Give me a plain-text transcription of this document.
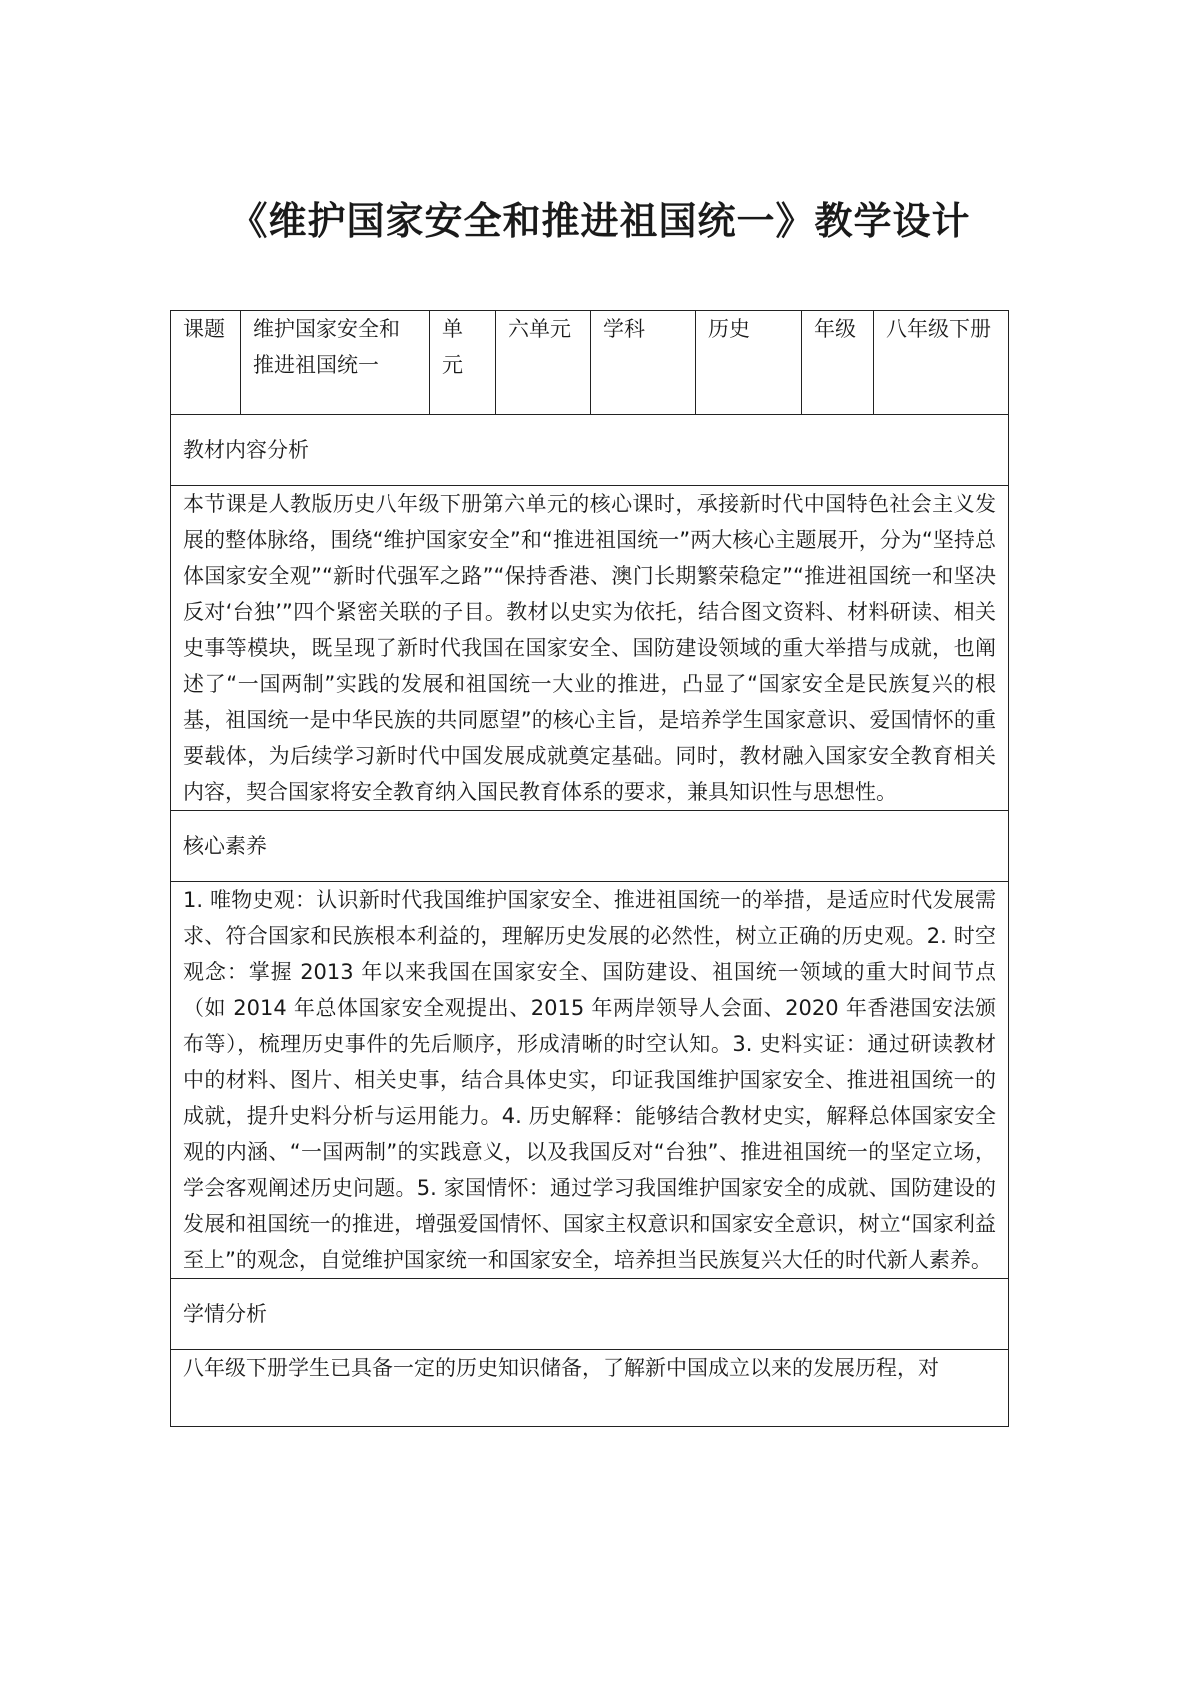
《维护国家安全和推进祖国统一》教学设计
课题	维护国家安全和推进祖国统一	单元	六单元	学科	历史	年级	八年级下册
教材内容分析
本节课是人教版历史八年级下册第六单元的核心课时，承接新时代中国特色社会主义发展的整体脉络，围绕“维护国家安全”和“推进祖国统一”两大核心主题展开，分为“坚持总体国家安全观”“新时代强军之路”“保持香港、澳门长期繁荣稳定”“推进祖国统一和坚决反对‘台独’”四个紧密关联的子目。教材以史实为依托，结合图文资料、材料研读、相关史事等模块，既呈现了新时代我国在国家安全、国防建设领域的重大举措与成就，也阐述了“一国两制”实践的发展和祖国统一大业的推进，凸显了“国家安全是民族复兴的根基，祖国统一是中华民族的共同愿望”的核心主旨，是培养学生国家意识、爱国情怀的重要载体，为后续学习新时代中国发展成就奠定基础。同时，教材融入国家安全教育相关内容，契合国家将安全教育纳入国民教育体系的要求，兼具知识性与思想性。
核心素养
1. 唯物史观：认识新时代我国维护国家安全、推进祖国统一的举措，是适应时代发展需求、符合国家和民族根本利益的，理解历史发展的必然性，树立正确的历史观。2. 时空观念：掌握 2013 年以来我国在国家安全、国防建设、祖国统一领域的重大时间节点（如 2014 年总体国家安全观提出、2015 年两岸领导人会面、2020 年香港国安法颁布等），梳理历史事件的先后顺序，形成清晰的时空认知。3. 史料实证：通过研读教材中的材料、图片、相关史事，结合具体史实，印证我国维护国家安全、推进祖国统一的成就，提升史料分析与运用能力。4. 历史解释：能够结合教材史实，解释总体国家安全观的内涵、“一国两制”的实践意义，以及我国反对“台独”、推进祖国统一的坚定立场，学会客观阐述历史问题。5. 家国情怀：通过学习我国维护国家安全的成就、国防建设的发展和祖国统一的推进，增强爱国情怀、国家主权意识和国家安全意识，树立“国家利益至上”的观念，自觉维护国家统一和国家安全，培养担当民族复兴大任的时代新人素养。
学情分析

八年级下册学生已具备一定的历史知识储备，了解新中国成立以来的发展历程，对
